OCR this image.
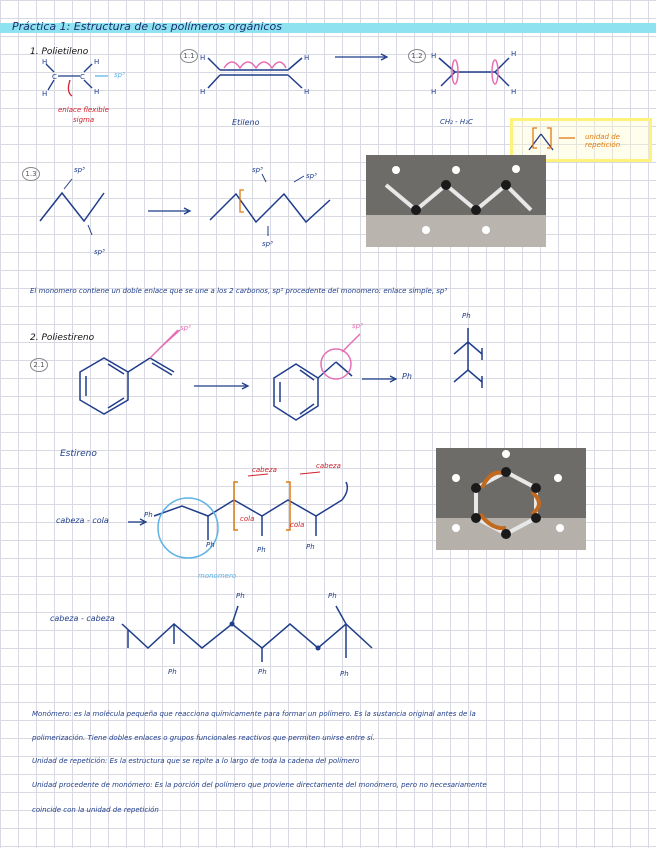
Práctica 1: Estructura de los polímeros orgánicos
1. Polietileno
C	C
H
H
H
H
sp³
enlace flexible
sigma
1.1 H
H
H
H
Etileno
1.2	H
H
H
H
CH₂ - H₂C
unidad de repetición
1.3	sp³
sp³
sp³
sp³
sp³
El monomero contiene un doble enlace que se une a los 2 carbonos, sp² procedente del monomero: enlace simple, sp³
2. Poliestireno
2.1
sp²	sp³
→ Ph
Ph
Estireno
cabeza - cola
cabeza
cola
cola
cabeza
monomero
Ph
Ph
Ph	Ph
cabeza - cabeza
Ph	Ph
Ph	Ph	Ph
Monómero: es la molécula pequeña que reacciona químicamente para formar un polímero. Es la sustancia original antes de la
polimerización. Tiene dobles enlaces o grupos funcionales reactivos que permiten unirse entre sí.
Unidad de repetición: Es la estructura que se repite a lo largo de toda la cadena del polímero
Unidad procedente de monómero: Es la porción del polímero que proviene directamente del monómero, pero no necesariamente
coincide con la unidad de repetición
